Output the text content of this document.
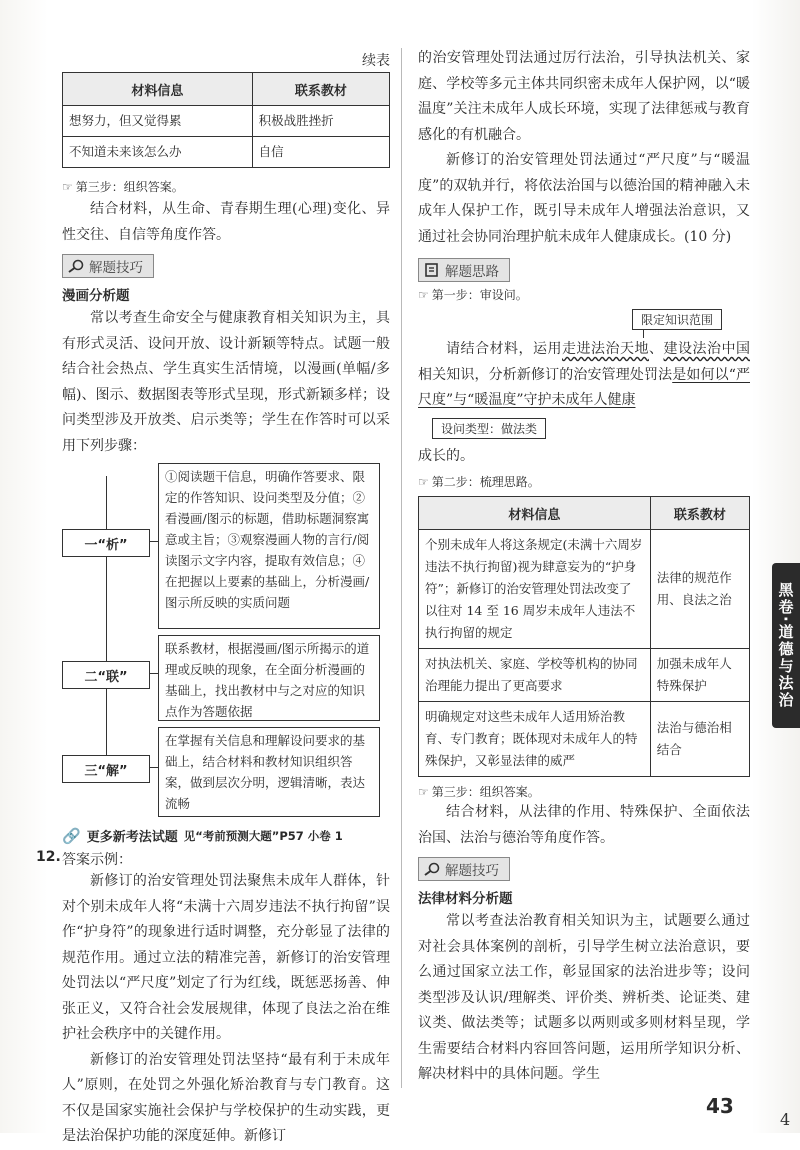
续表
材料信息	联系教材
想努力，但又觉得累	积极战胜挫折
不知道未来该怎么办	自信
☞ 第三步：组织答案。

结合材料，从生命、青春期生理(心理)变化、异性交往、自信等角度作答。

解题技巧
漫画分析题

常以考查生命安全与健康教育相关知识为主，具有形式灵活、设问开放、设计新颖等特点。试题一般结合社会热点、学生真实生活情境，以漫画(单幅/多幅)、图示、数据图表等形式呈现，形式新颖多样；设问类型涉及开放类、启示类等；学生在作答时可以采用下列步骤：

①阅读题干信息，明确作答要求、限定的作答知识、设问类型及分值；②看漫画/图示的标题，借助标题洞察寓意或主旨；③观察漫画人物的言行/阅读图示文字内容，提取有效信息；④在把握以上要素的基础上，分析漫画/图示所反映的实质问题
一“析”
联系教材，根据漫画/图示所揭示的道理或反映的现象，在全面分析漫画的基础上，找出教材中与之对应的知识点作为答题依据
二“联”
在掌握有关信息和理解设问要求的基础上，结合材料和教材知识组织答案，做到层次分明，逻辑清晰，表达流畅
三“解”
🔗 更多新考法试题 见“考前预测大题”P57 小卷 1
12. 答案示例：

新修订的治安管理处罚法聚焦未成年人群体，针对个别未成年人将“未满十六周岁违法不执行拘留”误作“护身符”的现象进行适时调整，充分彰显了法律的规范作用。通过立法的精准完善，新修订的治安管理处罚法以“严尺度”划定了行为红线，既惩恶扬善、伸张正义，又符合社会发展规律，体现了良法之治在维护社会秩序中的关键作用。

新修订的治安管理处罚法坚持“最有利于未成年人”原则，在处罚之外强化矫治教育与专门教育。这不仅是国家实施社会保护与学校保护的生动实践，更是法治保护功能的深度延伸。新修订

的治安管理处罚法通过厉行法治，引导执法机关、家庭、学校等多元主体共同织密未成年人保护网，以“暖温度”关注未成年人成长环境，实现了法律惩戒与教育感化的有机融合。

新修订的治安管理处罚法通过“严尺度”与“暖温度”的双轨并行，将依法治国与以德治国的精神融入未成年人保护工作，既引导未成年人增强法治意识，又通过社会协同治理护航未成年人健康成长。(10 分)

解题思路
☞ 第一步：审设问。
限定知识范围

请结合材料，运用走进法治天地、建设法治中国相关知识，分析新修订的治安管理处罚法是如何以“严尺度”与“暖温度”守护未成年人健康

设问类型：做法类

成长的。

☞ 第二步：梳理思路。
材料信息	联系教材
个别未成年人将这条规定(未满十六周岁违法不执行拘留)视为肆意妄为的“护身符”；新修订的治安管理处罚法改变了以往对 14 至 16 周岁未成年人违法不执行拘留的规定	法律的规范作用、良法之治
对执法机关、家庭、学校等机构的协同治理能力提出了更高要求	加强未成年人特殊保护
明确规定对这些未成年人适用矫治教育、专门教育；既体现对未成年人的特殊保护，又彰显法律的威严	法治与德治相结合
☞ 第三步：组织答案。

结合材料，从法律的作用、特殊保护、全面依法治国、法治与德治等角度作答。

解题技巧
法律材料分析题

常以考查法治教育相关知识为主，试题要么通过对社会具体案例的剖析，引导学生树立法治意识，要么通过国家立法工作，彰显国家的法治进步等；设问类型涉及认识/理解类、评价类、辨析类、论证类、建议类、做法类等；试题多以两则或多则材料呈现，学生需要结合材料内容回答问题，运用所学知识分析、解决材料中的具体问题。学生

黑卷·道德与法治
43
4
